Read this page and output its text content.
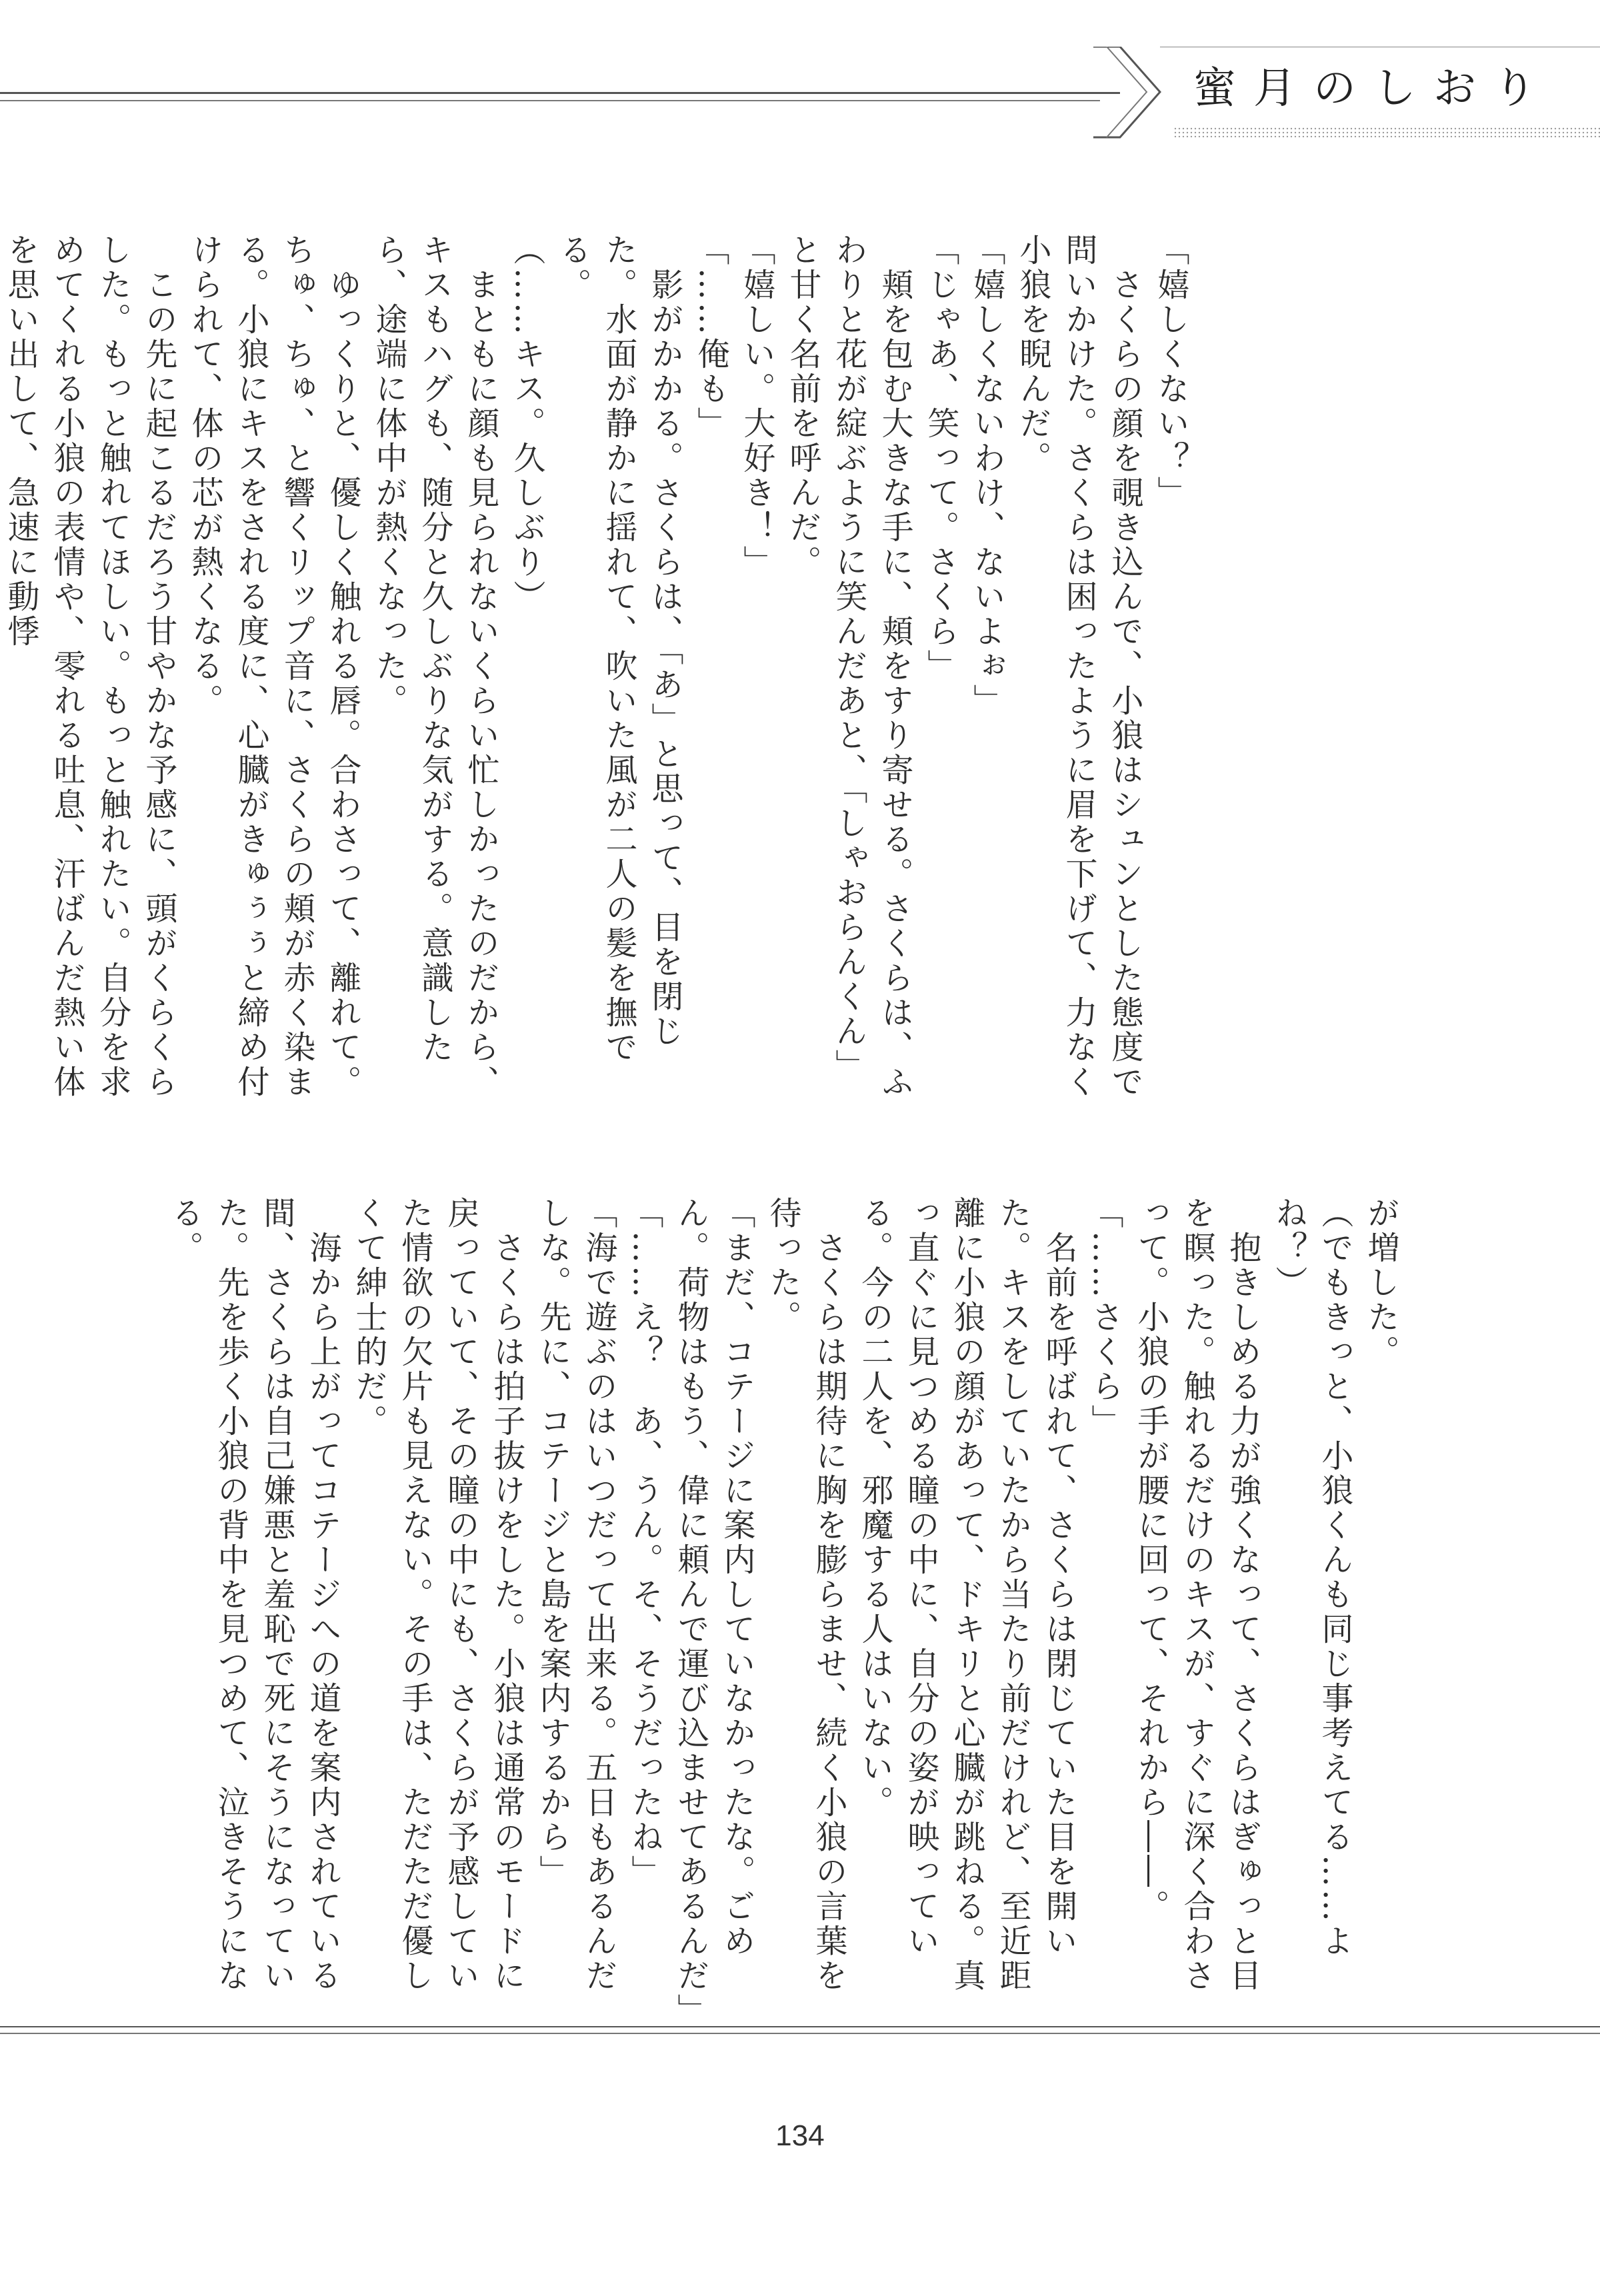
蜜月のしおり

「嬉しくない？」

　さくらの顔を覗き込んで、小狼はシュンとした態度で問いかけた。さくらは困ったように眉を下げて、力なく小狼を睨んだ。

「嬉しくないわけ、ないよぉ」

「じゃあ、笑って。さくら」

　頬を包む大きな手に、頬をすり寄せる。さくらは、ふわりと花が綻ぶように笑んだあと、「しゃおらんくん」と甘く名前を呼んだ。

「嬉しい。大好き！」

「……俺も」

　影がかかる。さくらは、「あ」と思って、目を閉じた。水面が静かに揺れて、吹いた風が二人の髪を撫でる。

（……キス。久しぶり）

　まともに顔も見られないくらい忙しかったのだから、キスもハグも、随分と久しぶりな気がする。意識したら、途端に体中が熱くなった。

　ゆっくりと、優しく触れる唇。合わさって、離れて。ちゅ、ちゅ、と響くリップ音に、さくらの頬が赤く染まる。小狼にキスをされる度に、心臓がきゅぅぅと締め付けられて、体の芯が熱くなる。

　この先に起こるだろう甘やかな予感に、頭がくらくらした。もっと触れてほしい。もっと触れたい。自分を求めてくれる小狼の表情や、零れる吐息、汗ばんだ熱い体を思い出して、急速に動悸

が増した。

（でもきっと、小狼くんも同じ事考えてる……よね？）

　抱きしめる力が強くなって、さくらはぎゅっと目を瞑った。触れるだけのキスが、すぐに深く合わさって。小狼の手が腰に回って、それから――。

「……さくら」

　名前を呼ばれて、さくらは閉じていた目を開いた。キスをしていたから当たり前だけれど、至近距離に小狼の顔があって、ドキリと心臓が跳ねる。真っ直ぐに見つめる瞳の中に、自分の姿が映っている。今の二人を、邪魔する人はいない。

　さくらは期待に胸を膨らませ、続く小狼の言葉を待った。

「まだ、コテージに案内していなかったな。ごめん。荷物はもう、偉に頼んで運び込ませてあるんだ」

「……え？　あ、うん。そ、そうだったね」

「海で遊ぶのはいつだって出来る。五日もあるんだしな。先に、コテージと島を案内するから」

　さくらは拍子抜けをした。小狼は通常のモードに戻っていて、その瞳の中にも、さくらが予感していた情欲の欠片も見えない。その手は、ただただ優しくて紳士的だ。

　海から上がってコテージへの道を案内されている間、さくらは自己嫌悪と羞恥で死にそうになっていた。先を歩く小狼の背中を見つめて、泣きそうになる。

134
